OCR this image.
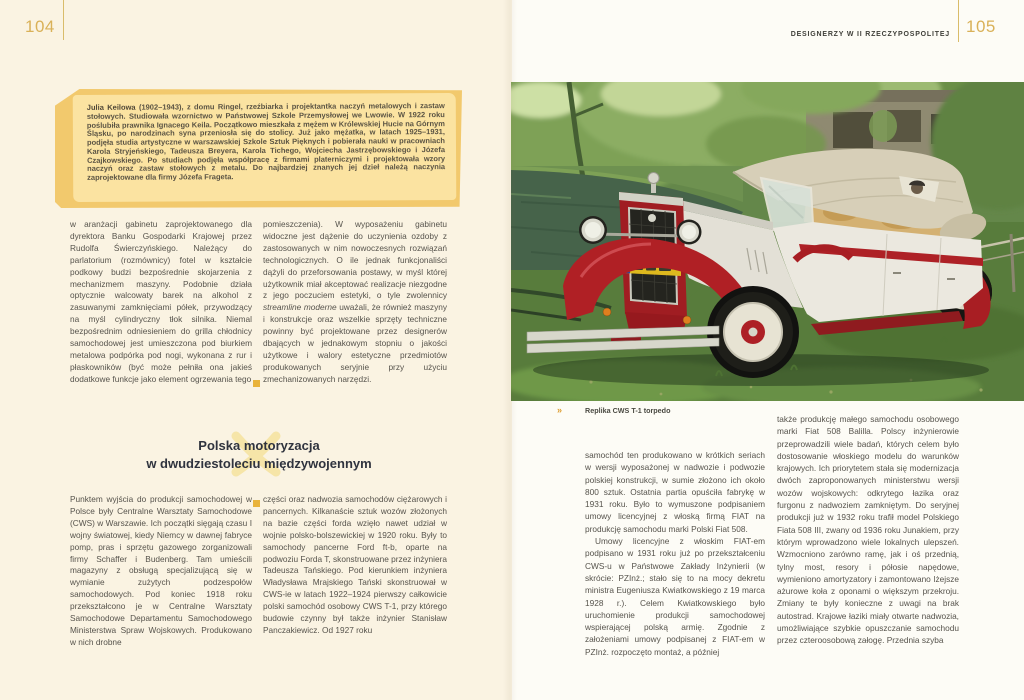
104

Julia Keilowa (1902–1943), z domu Ringel, rzeźbiarka i projektantka naczyń metalowych i zastaw stołowych. Studiowała wzornictwo w Państwowej Szkole Przemysłowej we Lwowie. W 1922 roku poślubiła prawnika Ignacego Keila. Początkowo mieszkała z mężem w Królewskiej Hucie na Górnym Śląsku, po narodzinach syna przeniosła się do stolicy. Już jako mężatka, w latach 1925–1931, podjęła studia artystyczne w warszawskiej Szkole Sztuk Pięknych i pobierała nauki w pracowniach Karola Stryjeńskiego, Tadeusza Breyera, Karola Tichego, Wojciecha Jastrzębowskiego i Józefa Czajkowskiego. Po studiach podjęła współpracę z firmami platerniczymi i projektowała wzory naczyń oraz zastaw stołowych z metalu. Do najbardziej znanych jej dzieł należą naczynia zaprojektowane dla firmy Józefa Frageta.

w aranżacji gabinetu zaprojektowanego dla dyrektora Banku Gospodarki Krajowej przez Rudolfa Świerczyńskiego. Należący do parlatorium (rozmównicy) fotel w kształcie podkowy budzi bezpośrednie skojarzenia z mechanizmem maszyny. Podobnie działa optycznie walcowaty barek na alkohol z zasuwanymi zamknięciami półek, przywodzący na myśl cylindryczny tłok silnika. Niemal bezpośrednim odniesieniem do grilla chłodnicy samochodowej jest umieszczona pod biurkiem metalowa podpórka pod nogi, wykonana z rur i płaskowników (być może pełniła ona jakieś dodatkowe funkcje jako element ogrzewania tego
pomieszczenia). W wyposażeniu gabinetu widoczne jest dążenie do uczynienia ozdoby z zastosowanych w nim nowoczesnych rozwiązań technologicznych. O ile jednak funkcjonaliści dążyli do przeforsowania postawy, w myśl której użytkownik miał akceptować realizacje niezgodne z jego poczuciem estetyki, o tyle zwolennicy streamline moderne uważali, że również maszyny i konstrukcje oraz wszelkie sprzęty techniczne powinny być projektowane przez designerów dbających w jednakowym stopniu o jakości użytkowe i walory estetyczne przedmiotów produkowanych seryjnie przy użyciu zmechanizowanych narzędzi.
Polska motoryzacja
w dwudziestoleciu międzywojennym
Punktem wyjścia do produkcji samochodowej w Polsce były Centralne Warsztaty Samochodowe (CWS) w Warszawie. Ich początki sięgają czasu I wojny światowej, kiedy Niemcy w dawnej fabryce pomp, pras i sprzętu gazowego zorganizowali firmy Schaffer i Budenberg. Tam umieścili magazyny z obsługą specjalizującą się w wymianie zużytych podzespołów samochodowych. Pod koniec 1918 roku przekształcono je w Centralne Warsztaty Samochodowe Departamentu Samochodowego Ministerstwa Spraw Wojskowych. Produkowano w nich drobne
części oraz nadwozia samochodów ciężarowych i pancernych. Kilkanaście sztuk wozów złożonych na bazie części forda wzięło nawet udział w wojnie polsko-bolszewickiej w 1920 roku. Były to samochody pancerne Ford ft-b, oparte na podwoziu Forda T, skonstruowane przez inżyniera Tadeusza Tańskiego. Pod kierunkiem inżyniera Władysława Mrajskiego Tański skonstruował w CWS-ie w latach 1922–1924 pierwszy całkowicie polski samochód osobowy CWS T-1, przy którego budowie czynny był także inżynier Stanisław Panczakiewicz. Od 1927 roku
DESIGNERZY W II RZECZYPOSPOLITEJ 105
»	Replika CWS T-1 torpedo

samochód ten produkowano w krótkich seriach w wersji wyposażonej w nadwozie i podwozie polskiej konstrukcji, w sumie złożono ich około 800 sztuk. Ostatnia partia opuściła fabrykę w 1931 roku. Było to wymuszone podpisaniem umowy licencyjnej z włoską firmą FIAT na produkcję samochodu marki Polski Fiat 508.

Umowy licencyjne z włoskim FIAT-em podpisano w 1931 roku już po przekształceniu CWS-u w Państwowe Zakłady Inżynierii (w skrócie: PZInż.; stało się to na mocy dekretu ministra Eugeniusza Kwiatkowskiego z 19 marca 1928 r.). Celem Kwiatkowskiego było uruchomienie produkcji samochodowej wspierającej polską armię. Zgodnie z założeniami umowy podpisanej z FIAT-em w PZInż. rozpoczęto montaż, a później

także produkcję małego samochodu osobowego marki Fiat 508 Balilla. Polscy inżynierowie przeprowadzili wiele badań, których celem było dostosowanie włoskiego modelu do warunków krajowych. Ich priorytetem stała się modernizacja dwóch zaproponowanych ministerstwu wersji wozów wojskowych: odkrytego łazika oraz furgonu z nadwoziem zamkniętym. Do seryjnej produkcji już w 1932 roku trafił model Polskiego Fiata 508 III, zwany od 1936 roku Junakiem, przy którym wprowadzono wiele lokalnych ulepszeń. Wzmocniono zarówno ramę, jak i oś przednią, tylny most, resory i półosie napędowe, wymieniono amortyzatory i zamontowano lżejsze ażurowe koła z oponami o większym przekroju. Zmiany te były konieczne z uwagi na brak autostrad. Krajowe łaziki miały otwarte nadwozia, umożliwiające szybkie opuszczanie samochodu przez czteroosobową załogę. Przednia szyba
